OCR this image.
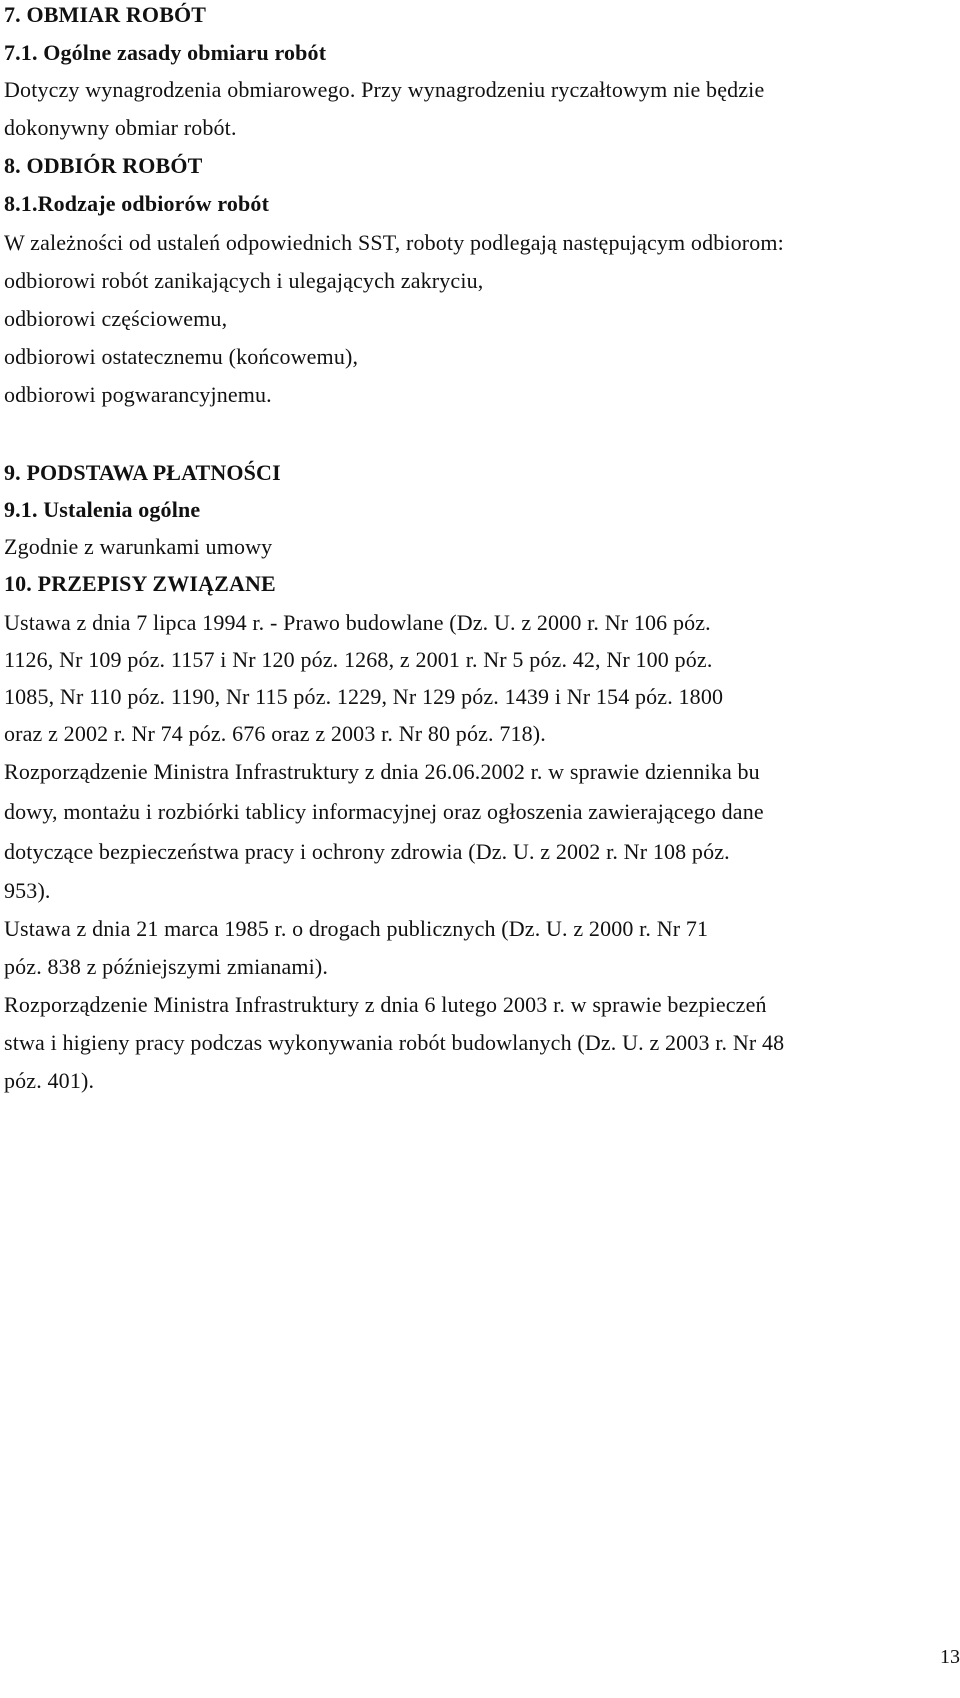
7. OBMIAR ROBÓT
7.1. Ogólne zasady obmiaru robót
Dotyczy wynagrodzenia obmiarowego. Przy wynagrodzeniu ryczałtowym nie będzie
dokonywny obmiar robót.
8. ODBIÓR ROBÓT
8.1.Rodzaje odbiorów robót
W zależności od ustaleń odpowiednich SST, roboty podlegają następującym odbiorom:
odbiorowi robót zanikających i ulegających zakryciu,
odbiorowi częściowemu,
odbiorowi ostatecznemu (końcowemu),
odbiorowi pogwarancyjnemu.
9. PODSTAWA PŁATNOŚCI
9.1. Ustalenia ogólne
Zgodnie z warunkami umowy
10. PRZEPISY ZWIĄZANE
Ustawa z dnia 7 lipca 1994 r. - Prawo budowlane (Dz. U. z 2000 r. Nr 106 póz.
1126, Nr 109 póz. 1157 i Nr 120 póz. 1268, z 2001 r. Nr 5 póz. 42, Nr 100 póz.
1085, Nr 110 póz. 1190, Nr 115 póz. 1229, Nr 129 póz. 1439 i Nr 154 póz. 1800
oraz z 2002 r. Nr 74 póz. 676 oraz z 2003 r. Nr 80 póz. 718).
Rozporządzenie Ministra Infrastruktury z dnia 26.06.2002 r. w sprawie dziennika bu
dowy, montażu i rozbiórki tablicy informacyjnej oraz ogłoszenia zawierającego dane
dotyczące bezpieczeństwa pracy i ochrony zdrowia (Dz. U. z 2002 r. Nr 108 póz.
953).
Ustawa z dnia 21 marca 1985 r. o drogach publicznych (Dz. U. z 2000 r. Nr 71
póz. 838 z późniejszymi zmianami).
Rozporządzenie Ministra Infrastruktury z dnia 6 lutego 2003 r. w sprawie bezpieczeń
stwa i higieny pracy podczas wykonywania robót budowlanych (Dz. U. z 2003 r. Nr 48
póz. 401).
13
